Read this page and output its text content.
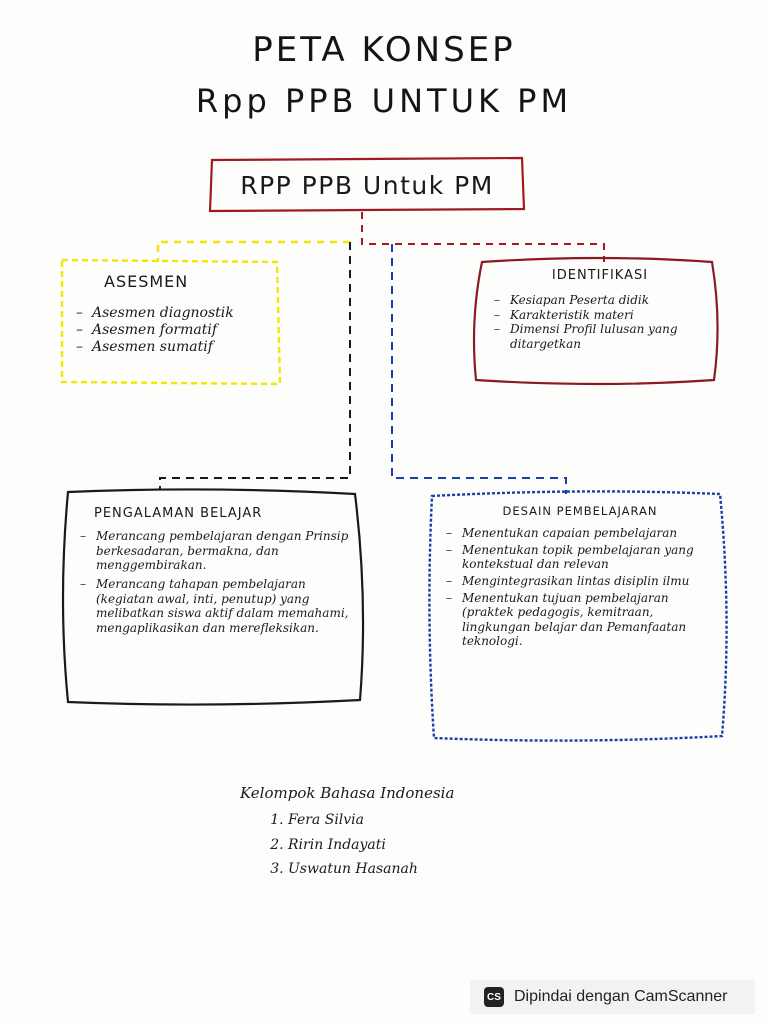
PETA KONSEP
Rpp PPB UNTUK PM
RPP PPB Untuk PM
ASESMEN
– Asesmen diagnostik
– Asesmen formatif
– Asesmen sumatif
IDENTIFIKASI
– Kesiapan Peserta didik
– Karakteristik materi
– Dimensi Profil lulusan yang ditargetkan
PENGALAMAN BELAJAR
– Merancang pembelajaran dengan Prinsip berkesadaran, bermakna, dan menggembirakan.
– Merancang tahapan pembelajaran (kegiatan awal, inti, penutup) yang melibatkan siswa aktif dalam memahami, mengaplikasikan dan merefleksikan.
DESAIN PEMBELAJARAN
– Menentukan capaian pembelajaran
– Menentukan topik pembelajaran yang kontekstual dan relevan
– Mengintegrasikan lintas disiplin ilmu
– Menentukan tujuan pembelajaran (praktek pedagogis, kemitraan, lingkungan belajar dan Pemanfaatan teknologi.
Kelompok Bahasa Indonesia
1. Fera Silvia
2. Ririn Indayati
3. Uswatun Hasanah
CS Dipindai dengan CamScanner
